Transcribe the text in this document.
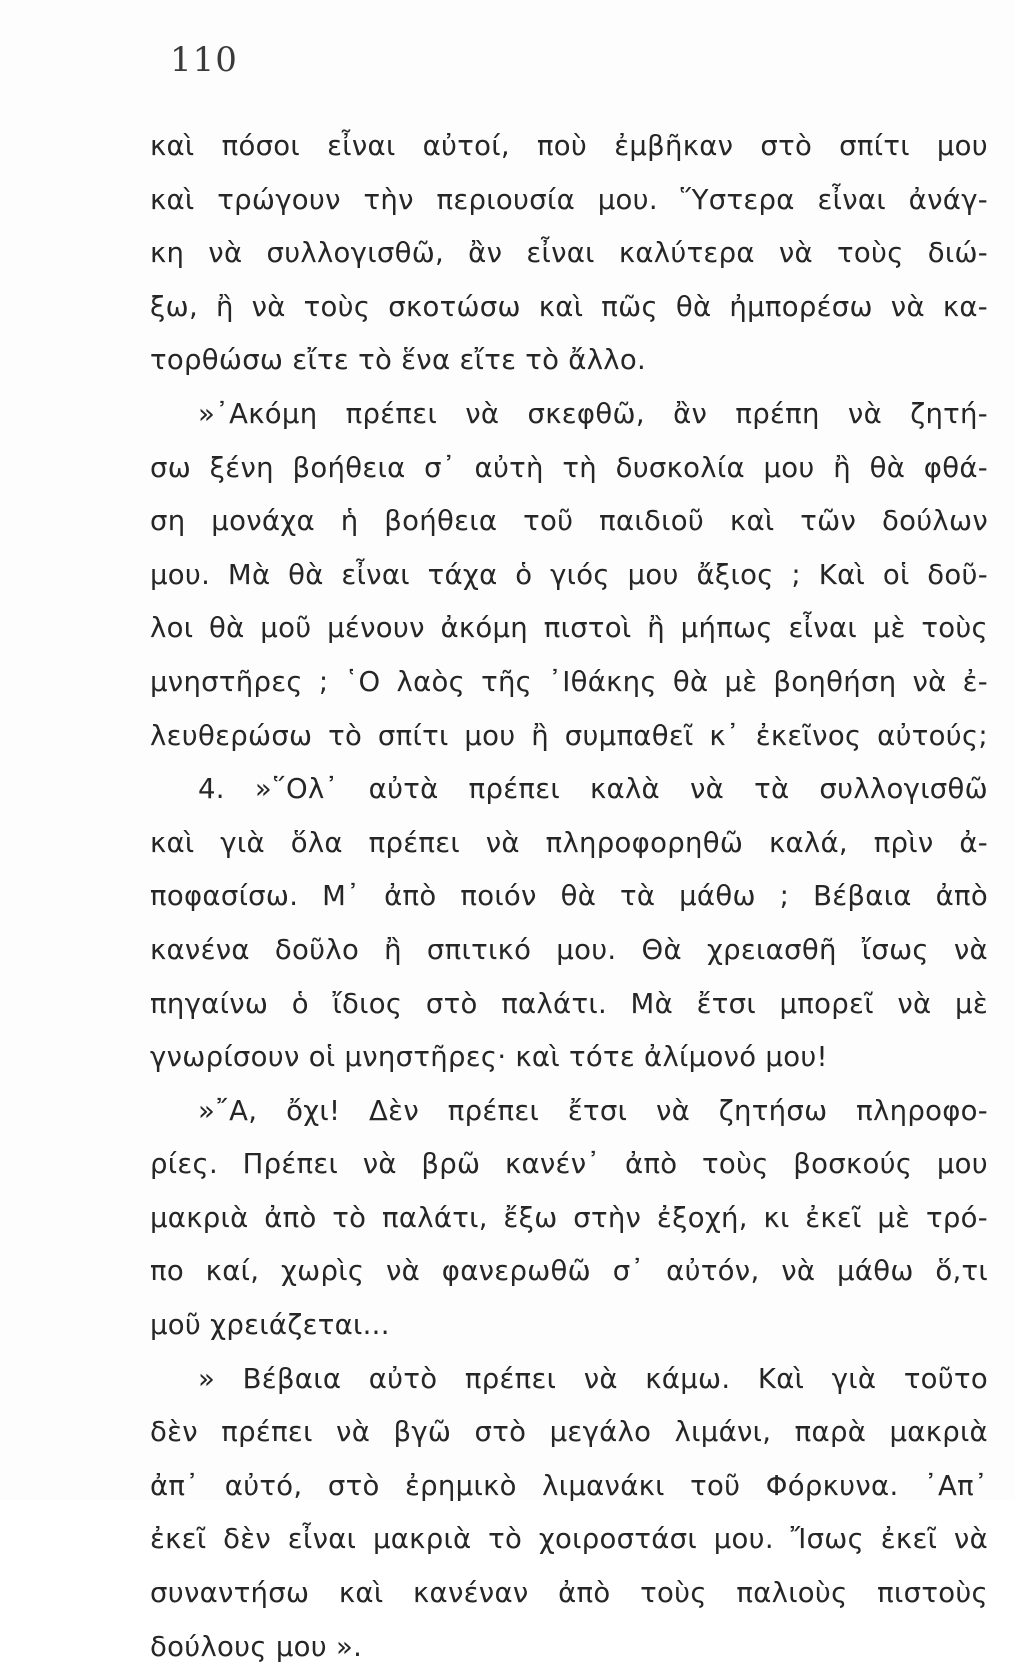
110
καὶ πόσοι εἶναι αὐτοί, ποὺ ἐμβῆκαν στὸ σπίτι μου
καὶ τρώγουν τὴν περιουσία μου. Ὕστερα εἶναι ἀνάγ-
κη νὰ συλλογισθῶ, ἂν εἶναι καλύτερα νὰ τοὺς διώ-
ξω, ἢ νὰ τοὺς σκοτώσω καὶ πῶς θὰ ἠμπορέσω νὰ κα-
τορθώσω εἴτε τὸ ἕνα εἴτε τὸ ἄλλο.
»᾿Ακόμη πρέπει νὰ σκεφθῶ, ἂν πρέπη νὰ ζητή-
σω ξένη βοήθεια σ᾿ αὐτὴ τὴ δυσκολία μου ἢ θὰ φθά-
ση μονάχα ἡ βοήθεια τοῦ παιδιοῦ καὶ τῶν δούλων
μου. Μὰ θὰ εἶναι τάχα ὁ γιός μου ἄξιος ; Καὶ οἱ δοῦ-
λοι θὰ μοῦ μένουν ἀκόμη πιστοὶ ἢ μήπως εἶναι μὲ τοὺς
μνηστῆρες ; ῾Ο λαὸς τῆς ᾿Ιθάκης θὰ μὲ βοηθήση νὰ ἐ-
λευθερώσω τὸ σπίτι μου ἢ συμπαθεῖ κ᾿ ἐκεῖνος αὐτούς;
4. »῞Ολ᾿ αὐτὰ πρέπει καλὰ νὰ τὰ συλλογισθῶ
καὶ γιὰ ὅλα πρέπει νὰ πληροφορηθῶ καλά, πρὶν ἀ-
ποφασίσω. Μ᾿ ἀπὸ ποιόν θὰ τὰ μάθω ; Βέβαια ἀπὸ
κανένα δοῦλο ἢ σπιτικό μου. Θὰ χρειασθῆ ἴσως νὰ
πηγαίνω ὁ ἴδιος στὸ παλάτι. Μὰ ἔτσι μπορεῖ νὰ μὲ
γνωρίσουν οἱ μνηστῆρες· καὶ τότε ἀλίμονό μου!
»῎Α, ὄχι! Δὲν πρέπει ἔτσι νὰ ζητήσω πληροφο-
ρίες. Πρέπει νὰ βρῶ κανέν᾿ ἀπὸ τοὺς βοσκούς μου
μακριὰ ἀπὸ τὸ παλάτι, ἔξω στὴν ἐξοχή, κι ἐκεῖ μὲ τρό-
πο καί, χωρὶς νὰ φανερωθῶ σ᾿ αὐτόν, νὰ μάθω ὅ,τι
μοῦ χρειάζεται...
» Βέβαια αὐτὸ πρέπει νὰ κάμω. Καὶ γιὰ τοῦτο
δὲν πρέπει νὰ βγῶ στὸ μεγάλο λιμάνι, παρὰ μακριὰ
ἀπ᾿ αὐτό, στὸ ἐρημικὸ λιμανάκι τοῦ Φόρκυνα. ᾿Απ᾿
ἐκεῖ δὲν εἶναι μακριὰ τὸ χοιροστάσι μου. Ἴσως ἐκεῖ νὰ
συναντήσω καὶ κανέναν ἀπὸ τοὺς παλιοὺς πιστοὺς
δούλους μου ».
